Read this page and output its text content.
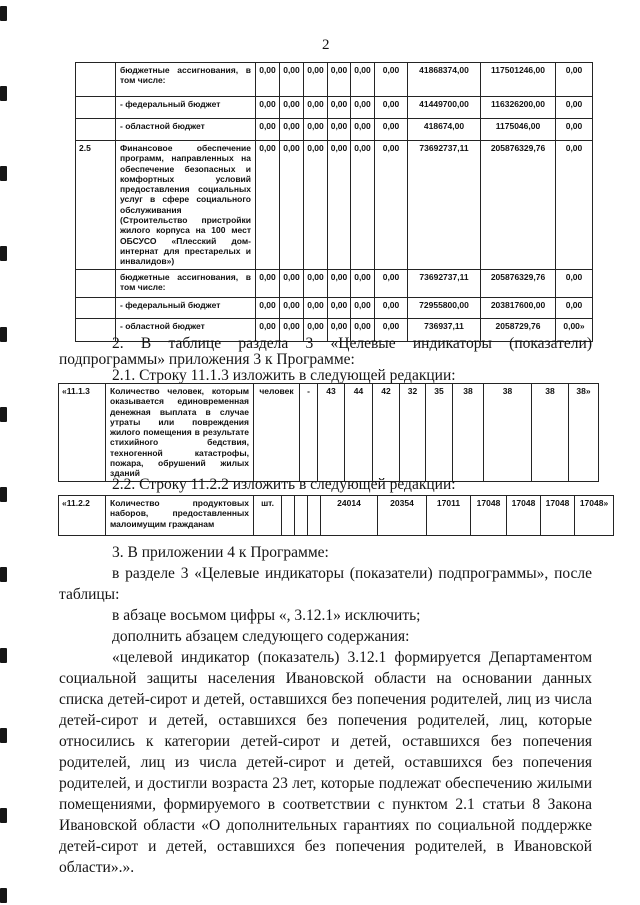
2
	бюджетные ассигнования, в том числе:	0,00	0,00	0,00	0,00	0,00	0,00	41868374,00	117501246,00	0,00
	- федеральный бюджет	0,00	0,00	0,00	0,00	0,00	0,00	41449700,00	116326200,00	0,00
	- областной бюджет	0,00	0,00	0,00	0,00	0,00	0,00	418674,00	1175046,00	0,00
2.5	Финансовое обеспечение программ, направленных на обеспечение безопасных и комфортных условий предоставления социальных услуг в сфере социального обслуживания (Строительство пристройки жилого корпуса на 100 мест ОБСУСО «Плесский дом-интернат для престарелых и инвалидов»)	0,00	0,00	0,00	0,00	0,00	0,00	73692737,11	205876329,76	0,00
	бюджетные ассигнования, в том числе:	0,00	0,00	0,00	0,00	0,00	0,00	73692737,11	205876329,76	0,00
	- федеральный бюджет	0,00	0,00	0,00	0,00	0,00	0,00	72955800,00	203817600,00	0,00
	- областной бюджет	0,00	0,00	0,00	0,00	0,00	0,00	736937,11	2058729,76	0,00»

2. В таблице раздела 3 «Целевые индикаторы (показатели) подпрограммы» приложения 3 к Программе:

2.1. Строку 11.1.3 изложить в следующей редакции:

«11.1.3	Количество человек, которым оказывается единовременная денежная выплата в случае утраты или повреждения жилого помещения в результате стихийного бедствия, техногенной катастрофы, пожара, обрушений жилых зданий	человек	-	43	44	42	32	35	38	38	38	38»
2.2. Строку 11.2.2 изложить в следующей редакции:
«11.2.2	Количество продуктовых наборов, предоставленных малоимущим гражданам	шт.				24014	20354	17011	17048	17048	17048	17048»

3. В приложении 4 к Программе:

в разделе 3 «Целевые индикаторы (показатели) подпрограммы», после таблицы:

в абзаце восьмом цифры «, 3.12.1» исключить;

дополнить абзацем следующего содержания:

«целевой индикатор (показатель) 3.12.1 формируется Департаментом социальной защиты населения Ивановской области на основании данных списка детей-сирот и детей, оставшихся без попечения родителей, лиц из числа детей-сирот и детей, оставшихся без попечения родителей, лиц, которые относились к категории детей-сирот и детей, оставшихся без попечения родителей, лиц из числа детей-сирот и детей, оставшихся без попечения родителей, и достигли возраста 23 лет, которые подлежат обеспечению жилыми помещениями, формируемого в соответствии с пунктом 2.1 статьи 8 Закона Ивановской области «О дополнительных гарантиях по социальной поддержке детей-сирот и детей, оставшихся без попечения родителей, в Ивановской области».».
